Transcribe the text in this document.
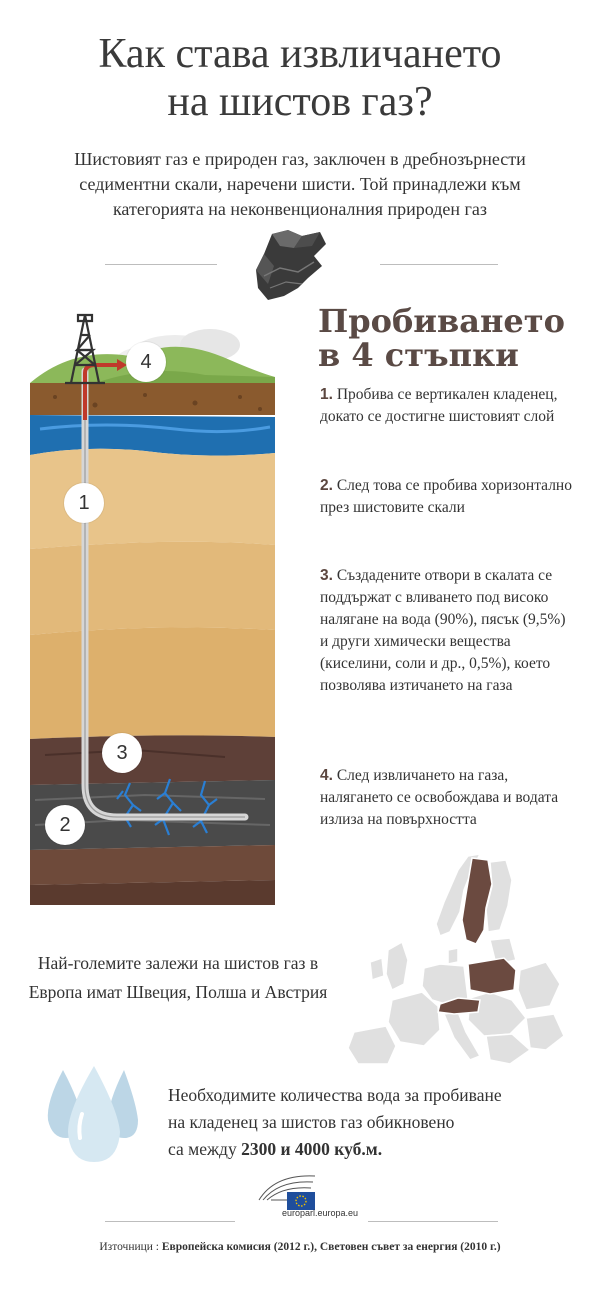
Как става извличането
на шистов газ?
Шистовият газ е природен газ, заключен в дребнозърнести
седиментни скали, наречени шисти. Той принадлежи към
категорията на неконвенционалния природен газ
4
1
3
2
Пробиването
в 4 стъпки
1. Пробива се вертикален кладенец, докато се достигне шистовият слой
2. След това се пробива хоризонтално през шистовите скали
3. Създадените отвори в скалата се поддържат с вливането под високо налягане на вода (90%), пясък (9,5%) и други химически вещества (киселини, соли и др., 0,5%), което позволява изтичането на газа
4. След извличането на газа, налягането се освобождава и водата излиза на повърхността
Най-големите залежи на шистов газ в
Европа имат Швеция, Полша и Австрия
Необходимите количества вода за пробиване
на кладенец за шистов газ обикновено
са между 2300 и 4000 куб.м.
europarl.europa.eu
Източници : Европейска комисия (2012 г.), Световен съвет за енергия (2010 г.)
